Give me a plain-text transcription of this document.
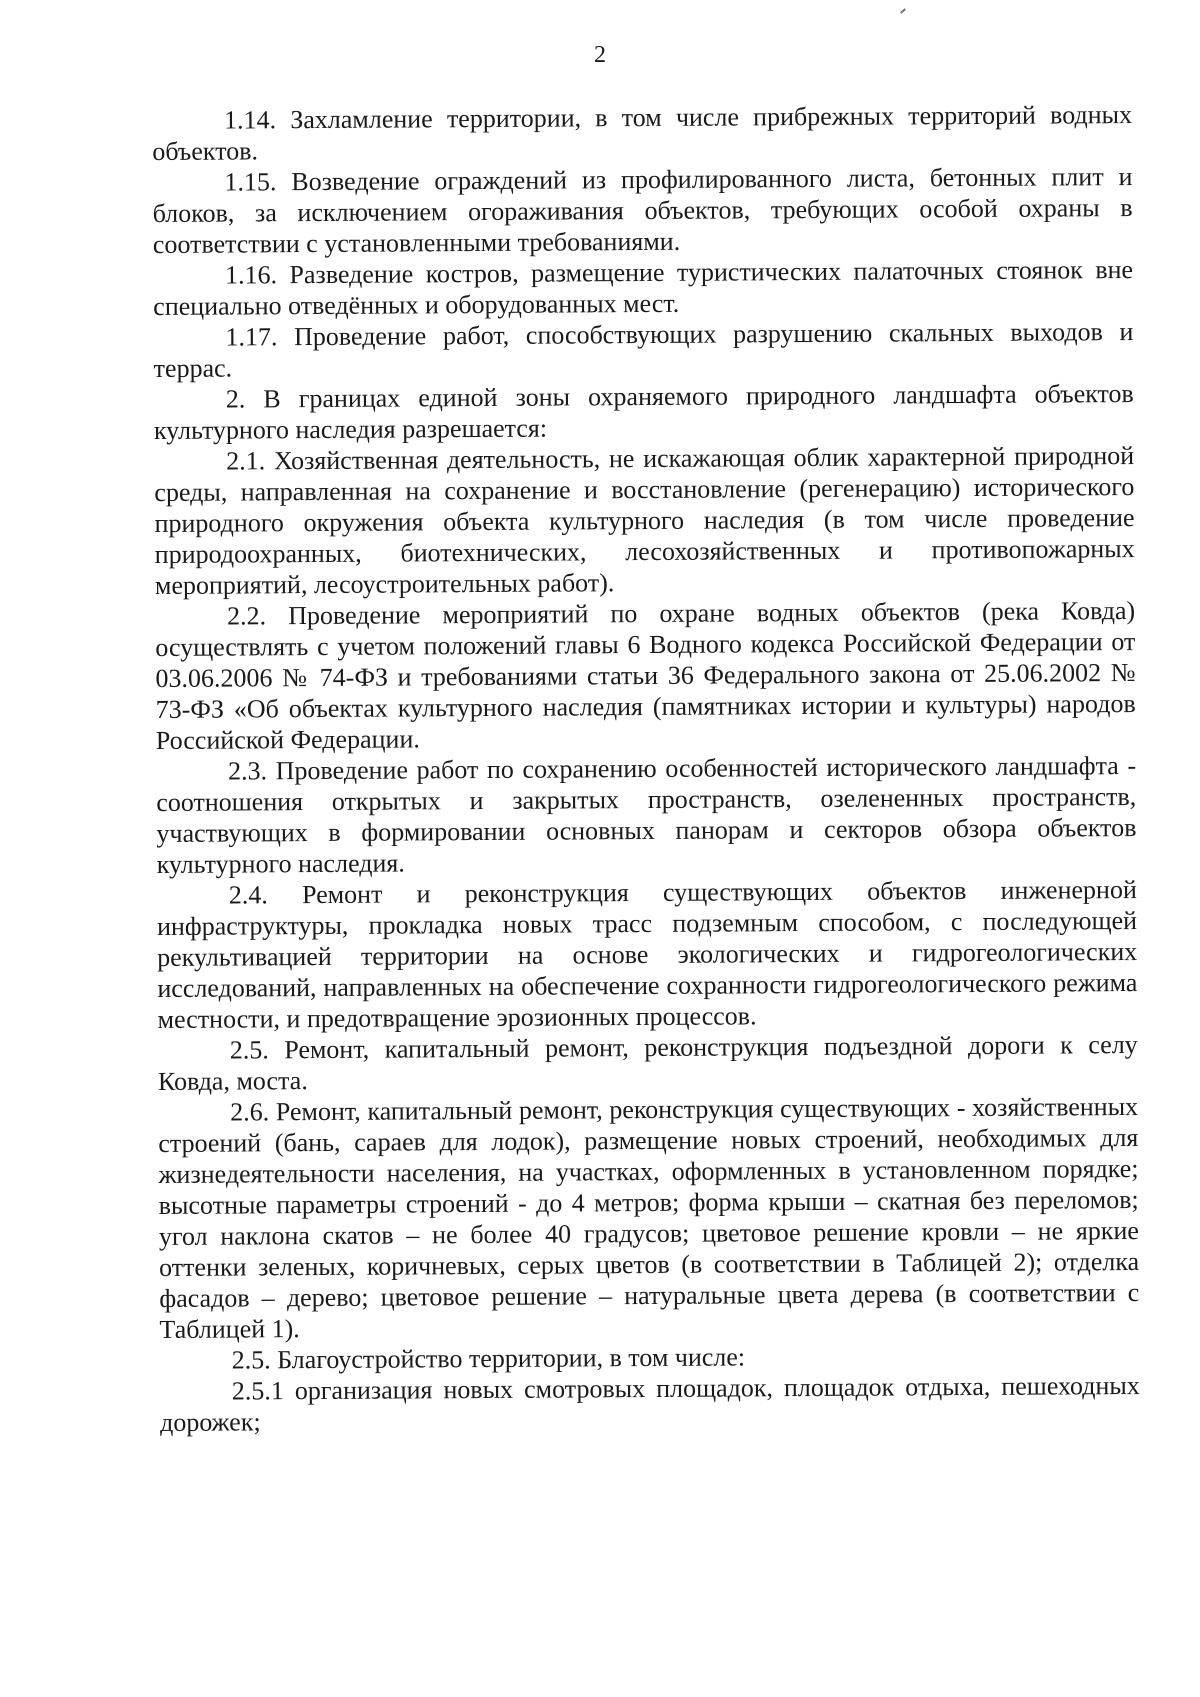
2

1.14. Захламление территории, в том числе прибрежных территорий водных объектов.

1.15. Возведение ограждений из профилированного листа, бетонных плит и блоков, за исключением огораживания объектов, требующих особой охраны в соответствии с установленными требованиями.

1.16. Разведение костров, размещение туристических палаточных стоянок вне специально отведённых и оборудованных мест.

1.17. Проведение работ, способствующих разрушению скальных выходов и террас.

2. В границах единой зоны охраняемого природного ландшафта объектов культурного наследия разрешается:

2.1. Хозяйственная деятельность, не искажающая облик характерной природной среды, направленная на сохранение и восстановление (регенерацию) исторического природного окружения объекта культурного наследия (в том числе проведение природоохранных, биотехнических, лесохозяйственных и противопожарных мероприятий, лесоустроительных работ).

2.2. Проведение мероприятий по охране водных объектов (река Ковда) осуществлять с учетом положений главы 6 Водного кодекса Российской Федерации от 03.06.2006 № 74-ФЗ и требованиями статьи 36 Федерального закона от 25.06.2002 № 73-ФЗ «Об объектах культурного наследия (памятниках истории и культуры) народов Российской Федерации.

2.3. Проведение работ по сохранению особенностей исторического ландшафта - соотношения открытых и закрытых пространств, озелененных пространств, участвующих в формировании основных панорам и секторов обзора объектов культурного наследия.

2.4. Ремонт и реконструкция существующих объектов инженерной инфраструктуры, прокладка новых трасс подземным способом, с последующей рекультивацией территории на основе экологических и гидрогеологических исследований, направленных на обеспечение сохранности гидрогеологического режима местности, и предотвращение эрозионных процессов.

2.5. Ремонт, капитальный ремонт, реконструкция подъездной дороги к селу Ковда, моста.

2.6. Ремонт, капитальный ремонт, реконструкция существующих - хозяйственных строений (бань, сараев для лодок), размещение новых строений, необходимых для жизнедеятельности населения, на участках, оформленных в установленном порядке; высотные параметры строений - до 4 метров; форма крыши – скатная без переломов; угол наклона скатов – не более 40 градусов; цветовое решение кровли – не яркие оттенки зеленых, коричневых, серых цветов (в соответствии в Таблицей 2); отделка фасадов – дерево; цветовое решение – натуральные цвета дерева (в соответствии с Таблицей 1).

2.5. Благоустройство территории, в том числе:

2.5.1 организация новых смотровых площадок, площадок отдыха, пешеходных дорожек;
